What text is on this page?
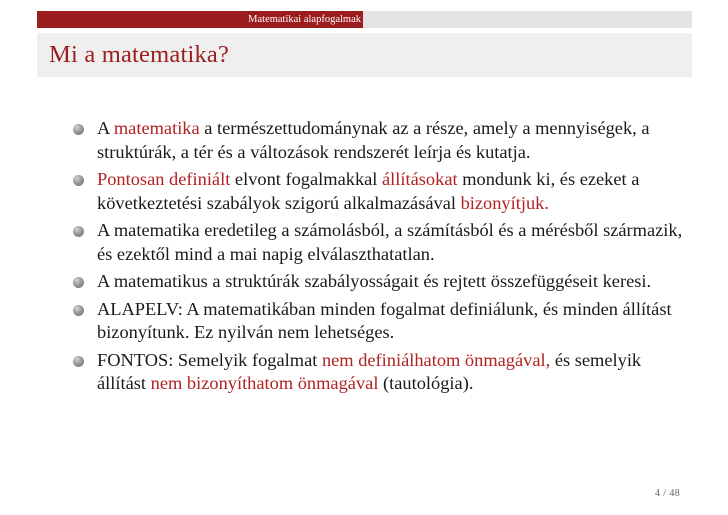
Matematikai alapfogalmak
Mi a matematika?
A matematika a természettudománynak az a része, amely a mennyiségek, a struktúrák, a tér és a változások rendszerét leírja és kutatja.
Pontosan definiált elvont fogalmakkal állításokat mondunk ki, és ezeket a következtetési szabályok szigorú alkalmazásával bizonyítjuk.
A matematika eredetileg a számolásból, a számításból és a mérésből származik, és ezektől mind a mai napig elválaszthatatlan.
A matematikus a struktúrák szabályosságait és rejtett összefüggéseit keresi.
ALAPELV: A matematikában minden fogalmat definiálunk, és minden állítást bizonyítunk. Ez nyilván nem lehetséges.
FONTOS: Semelyik fogalmat nem definiálhatom önmagával, és semelyik állítást nem bizonyíthatom önmagával (tautológia).
4 / 48
